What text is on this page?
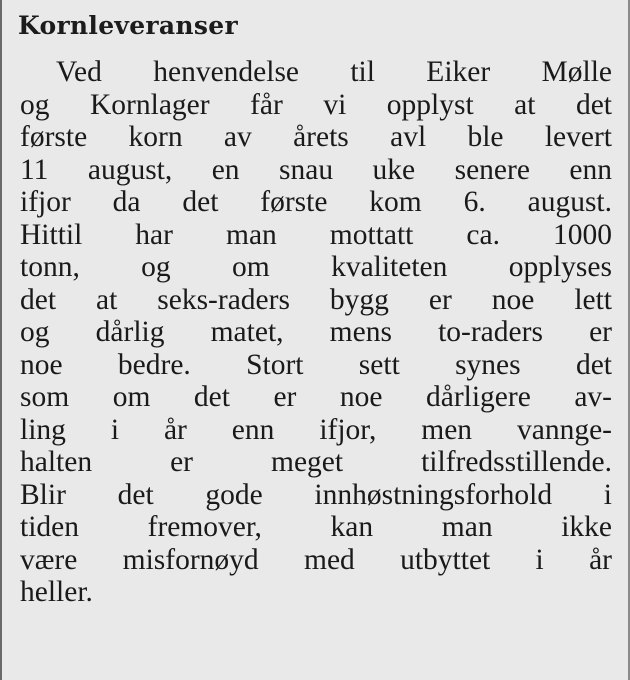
Kornleveranser
Ved henvendelse til Eiker Mølle
og Kornlager får vi opplyst at det
første korn av årets avl ble levert
11 august, en snau uke senere enn
ifjor da det første kom 6. august.
Hittil har man mottatt ca. 1000
tonn, og om kvaliteten opplyses
det at seks-raders bygg er noe lett
og dårlig matet, mens to-raders er
noe bedre. Stort sett synes det
som om det er noe dårligere av-
ling i år enn ifjor, men vannge-
halten er meget tilfredsstillende.
Blir det gode innhøstningsforhold i
tiden fremover, kan man ikke
være misfornøyd med utbyttet i år
heller.
